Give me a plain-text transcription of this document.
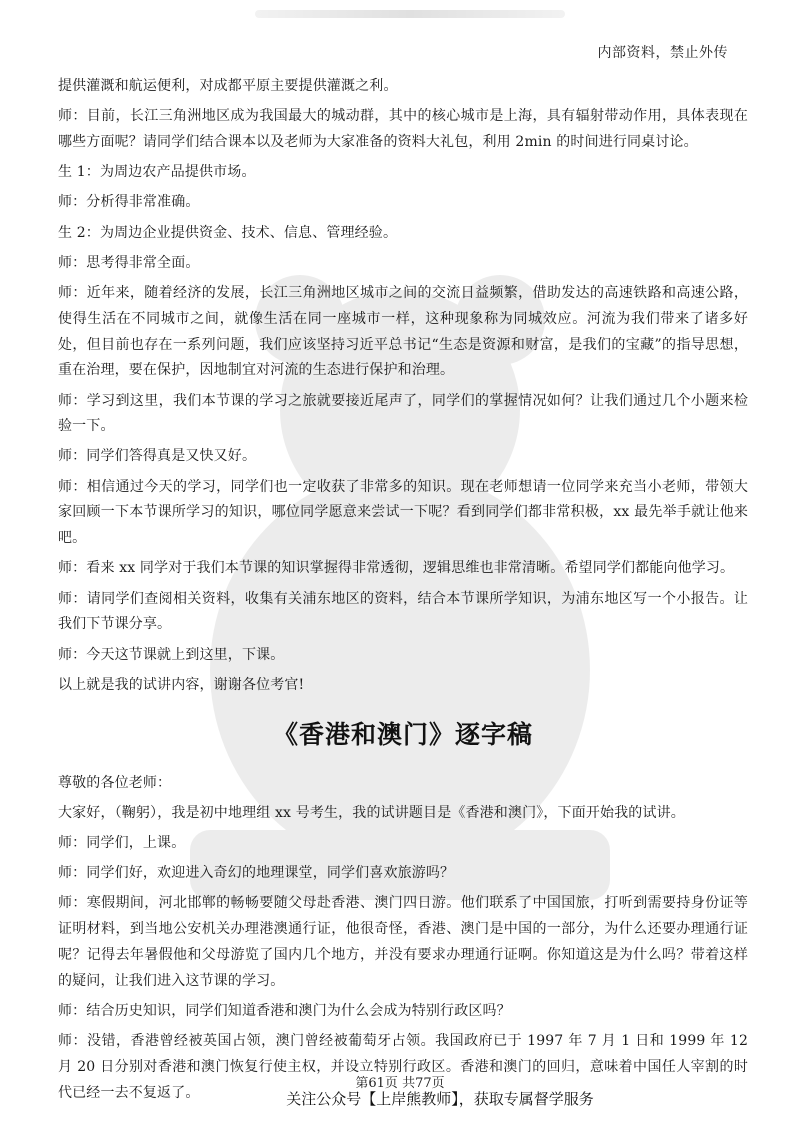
内部资料，禁止外传

提供灌溉和航运便利，对成都平原主要提供灌溉之利。

师：目前，长江三角洲地区成为我国最大的城动群，其中的核心城市是上海，具有辐射带动作用，具体表现在哪些方面呢？请同学们结合课本以及老师为大家准备的资料大礼包，利用 2min 的时间进行同桌讨论。

生 1：为周边农产品提供市场。

师：分析得非常准确。

生 2：为周边企业提供资金、技术、信息、管理经验。

师：思考得非常全面。

师：近年来，随着经济的发展，长江三角洲地区城市之间的交流日益频繁，借助发达的高速铁路和高速公路，使得生活在不同城市之间，就像生活在同一座城市一样，这种现象称为同城效应。河流为我们带来了诸多好处，但目前也存在一系列问题，我们应该坚持习近平总书记“生态是资源和财富，是我们的宝藏”的指导思想，重在治理，要在保护，因地制宜对河流的生态进行保护和治理。

师：学习到这里，我们本节课的学习之旅就要接近尾声了，同学们的掌握情况如何？让我们通过几个小题来检验一下。

师：同学们答得真是又快又好。

师：相信通过今天的学习，同学们也一定收获了非常多的知识。现在老师想请一位同学来充当小老师，带领大家回顾一下本节课所学习的知识，哪位同学愿意来尝试一下呢？看到同学们都非常积极，xx 最先举手就让他来吧。

师：看来 xx 同学对于我们本节课的知识掌握得非常透彻，逻辑思维也非常清晰。希望同学们都能向他学习。

师：请同学们查阅相关资料，收集有关浦东地区的资料，结合本节课所学知识，为浦东地区写一个小报告。让我们下节课分享。

师：今天这节课就上到这里，下课。

以上就是我的试讲内容，谢谢各位考官!

《香港和澳门》逐字稿

尊敬的各位老师：

大家好，（鞠躬），我是初中地理组 xx 号考生，我的试讲题目是《香港和澳门》，下面开始我的试讲。

师：同学们，上课。

师：同学们好，欢迎进入奇幻的地理课堂，同学们喜欢旅游吗？

师：寒假期间，河北邯郸的畅畅要随父母赴香港、澳门四日游。他们联系了中国国旅，打听到需要持身份证等证明材料，到当地公安机关办理港澳通行证，他很奇怪，香港、澳门是中国的一部分，为什么还要办理通行证呢？记得去年暑假他和父母游览了国内几个地方，并没有要求办理通行证啊。你知道这是为什么吗？带着这样的疑问，让我们进入这节课的学习。

师：结合历史知识，同学们知道香港和澳门为什么会成为特别行政区吗？

师：没错，香港曾经被英国占领，澳门曾经被葡萄牙占领。我国政府已于 1997 年 7 月 1 日和 1999 年 12 月 20 日分别对香港和澳门恢复行使主权，并设立特别行政区。香港和澳门的回归，意味着中国任人宰割的时代已经一去不复返了。

第61页 共77页
关注公众号【上岸熊教师】，获取专属督学服务
